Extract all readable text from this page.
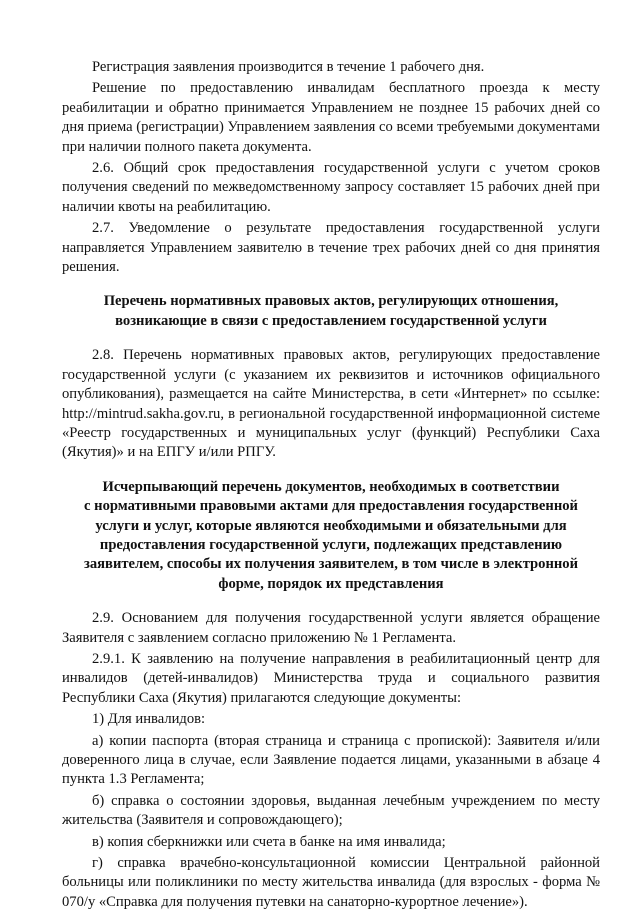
Регистрация заявления производится в течение 1 рабочего дня.

Решение по предоставлению инвалидам бесплатного проезда к месту реабилитации и обратно принимается Управлением не позднее 15 рабочих дней со дня приема (регистрации) Управлением заявления со всеми требуемыми документами при наличии полного пакета документа.

2.6. Общий срок предоставления государственной услуги с учетом сроков получения сведений по межведомственному запросу составляет 15 рабочих дней при наличии квоты на реабилитацию.

2.7. Уведомление о результате предоставления государственной услуги направляется Управлением заявителю в течение трех рабочих дней со дня принятия решения.

Перечень нормативных правовых актов, регулирующих отношения,
возникающие в связи с предоставлением государственной услуги

2.8. Перечень нормативных правовых актов, регулирующих предоставление государственной услуги (с указанием их реквизитов и источников официального опубликования), размещается на сайте Министерства, в сети «Интернет» по ссылке: http://mintrud.sakha.gov.ru, в региональной государственной информационной системе «Реестр государственных и муниципальных услуг (функций) Республики Саха (Якутия)» и на ЕПГУ и/или РПГУ.

Исчерпывающий перечень документов, необходимых в соответствии
с нормативными правовыми актами для предоставления государственной
услуги и услуг, которые являются необходимыми и обязательными для
предоставления государственной услуги, подлежащих представлению
заявителем, способы их получения заявителем, в том числе в электронной
форме, порядок их представления

2.9. Основанием для получения государственной услуги является обращение Заявителя с заявлением согласно приложению № 1 Регламента.

2.9.1. К заявлению на получение направления в реабилитационный центр для инвалидов (детей-инвалидов) Министерства труда и социального развития Республики Саха (Якутия) прилагаются следующие документы:

1) Для инвалидов:

а) копии паспорта (вторая страница и страница с пропиской): Заявителя и/или доверенного лица в случае, если Заявление подается лицами, указанными в абзаце 4 пункта 1.3 Регламента;

б) справка о состоянии здоровья, выданная лечебным учреждением по месту жительства (Заявителя и сопровождающего);

в) копия сберкнижки или счета в банке на имя инвалида;

г) справка врачебно-консультационной комиссии Центральной районной больницы или поликлиники по месту жительства инвалида (для взрослых - форма № 070/у «Справка для получения путевки на санаторно-курортное лечение»).
